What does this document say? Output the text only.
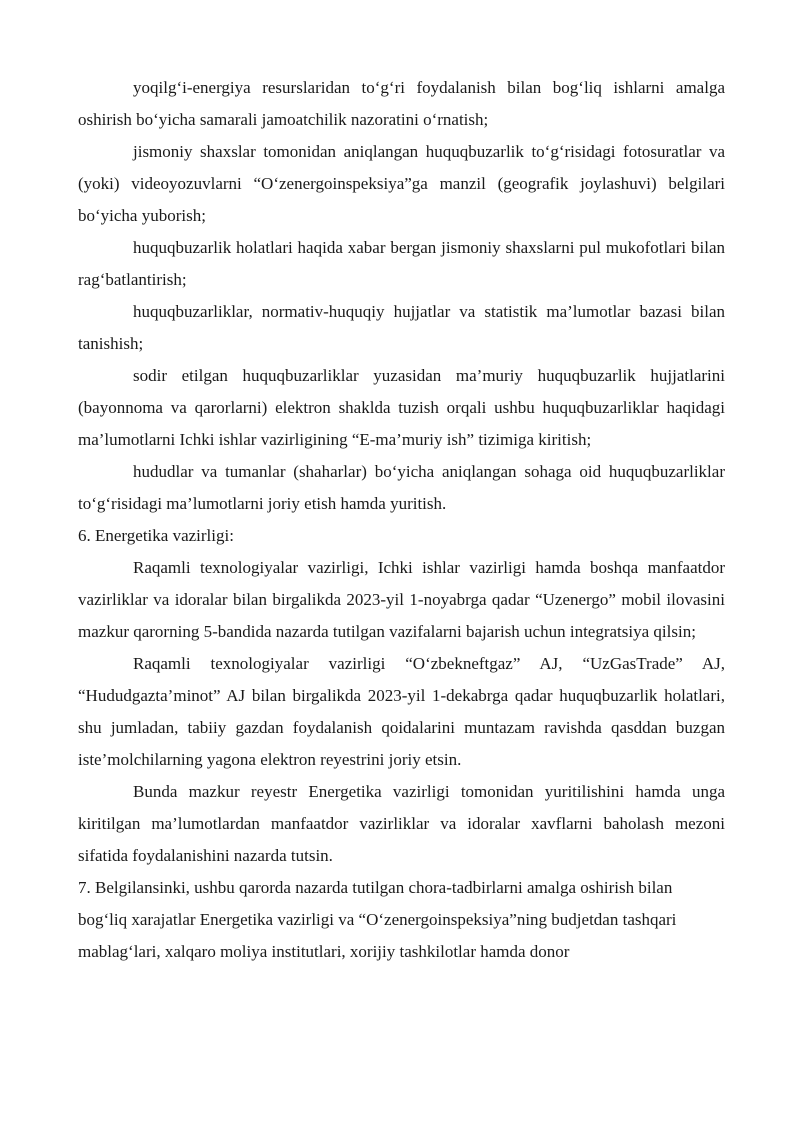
yoqilg‘i-energiya resurslaridan to‘g‘ri foydalanish bilan bog‘liq ishlarni amalga oshirish bo‘yicha samarali jamoatchilik nazoratini o‘rnatish;

jismoniy shaxslar tomonidan aniqlangan huquqbuzarlik to‘g‘risidagi fotosuratlar va (yoki) videoyozuvlarni “O‘zenergoinspeksiya”ga manzil (geografik joylashuvi) belgilari bo‘yicha yuborish;

huquqbuzarlik holatlari haqida xabar bergan jismoniy shaxslarni pul mukofotlari bilan rag‘batlantirish;

huquqbuzarliklar, normativ-huquqiy hujjatlar va statistik ma’lumotlar bazasi bilan tanishish;

sodir etilgan huquqbuzarliklar yuzasidan ma’muriy huquqbuzarlik hujjatlarini (bayonnoma va qarorlarni) elektron shaklda tuzish orqali ushbu huquqbuzarliklar haqidagi ma’lumotlarni Ichki ishlar vazirligining “E-ma’muriy ish” tizimiga kiritish;

hududlar va tumanlar (shaharlar) bo‘yicha aniqlangan sohaga oid huquqbuzarliklar to‘g‘risidagi ma’lumotlarni joriy etish hamda yuritish.

6. Energetika vazirligi:

Raqamli texnologiyalar vazirligi, Ichki ishlar vazirligi hamda boshqa manfaatdor vazirliklar va idoralar bilan birgalikda 2023-yil 1-noyabrga qadar “Uzenergo” mobil ilovasini mazkur qarorning 5-bandida nazarda tutilgan vazifalarni bajarish uchun integratsiya qilsin;

Raqamli texnologiyalar vazirligi “O‘zbekneftgaz” AJ, “UzGasTrade” AJ, “Hududgazta’minot” AJ bilan birgalikda 2023-yil 1-dekabrga qadar huquqbuzarlik holatlari, shu jumladan, tabiiy gazdan foydalanish qoidalarini muntazam ravishda qasddan buzgan iste’molchilarning yagona elektron reyestrini joriy etsin.

Bunda mazkur reyestr Energetika vazirligi tomonidan yuritilishini hamda unga kiritilgan ma’lumotlardan manfaatdor vazirliklar va idoralar xavflarni baholash mezoni sifatida foydalanishini nazarda tutsin.

7. Belgilansinki, ushbu qarorda nazarda tutilgan chora-tadbirlarni amalga oshirish bilan bog‘liq xarajatlar Energetika vazirligi va “O‘zenergoinspeksiya”ning budjetdan tashqari mablag‘lari, xalqaro moliya institutlari, xorijiy tashkilotlar hamda donor
